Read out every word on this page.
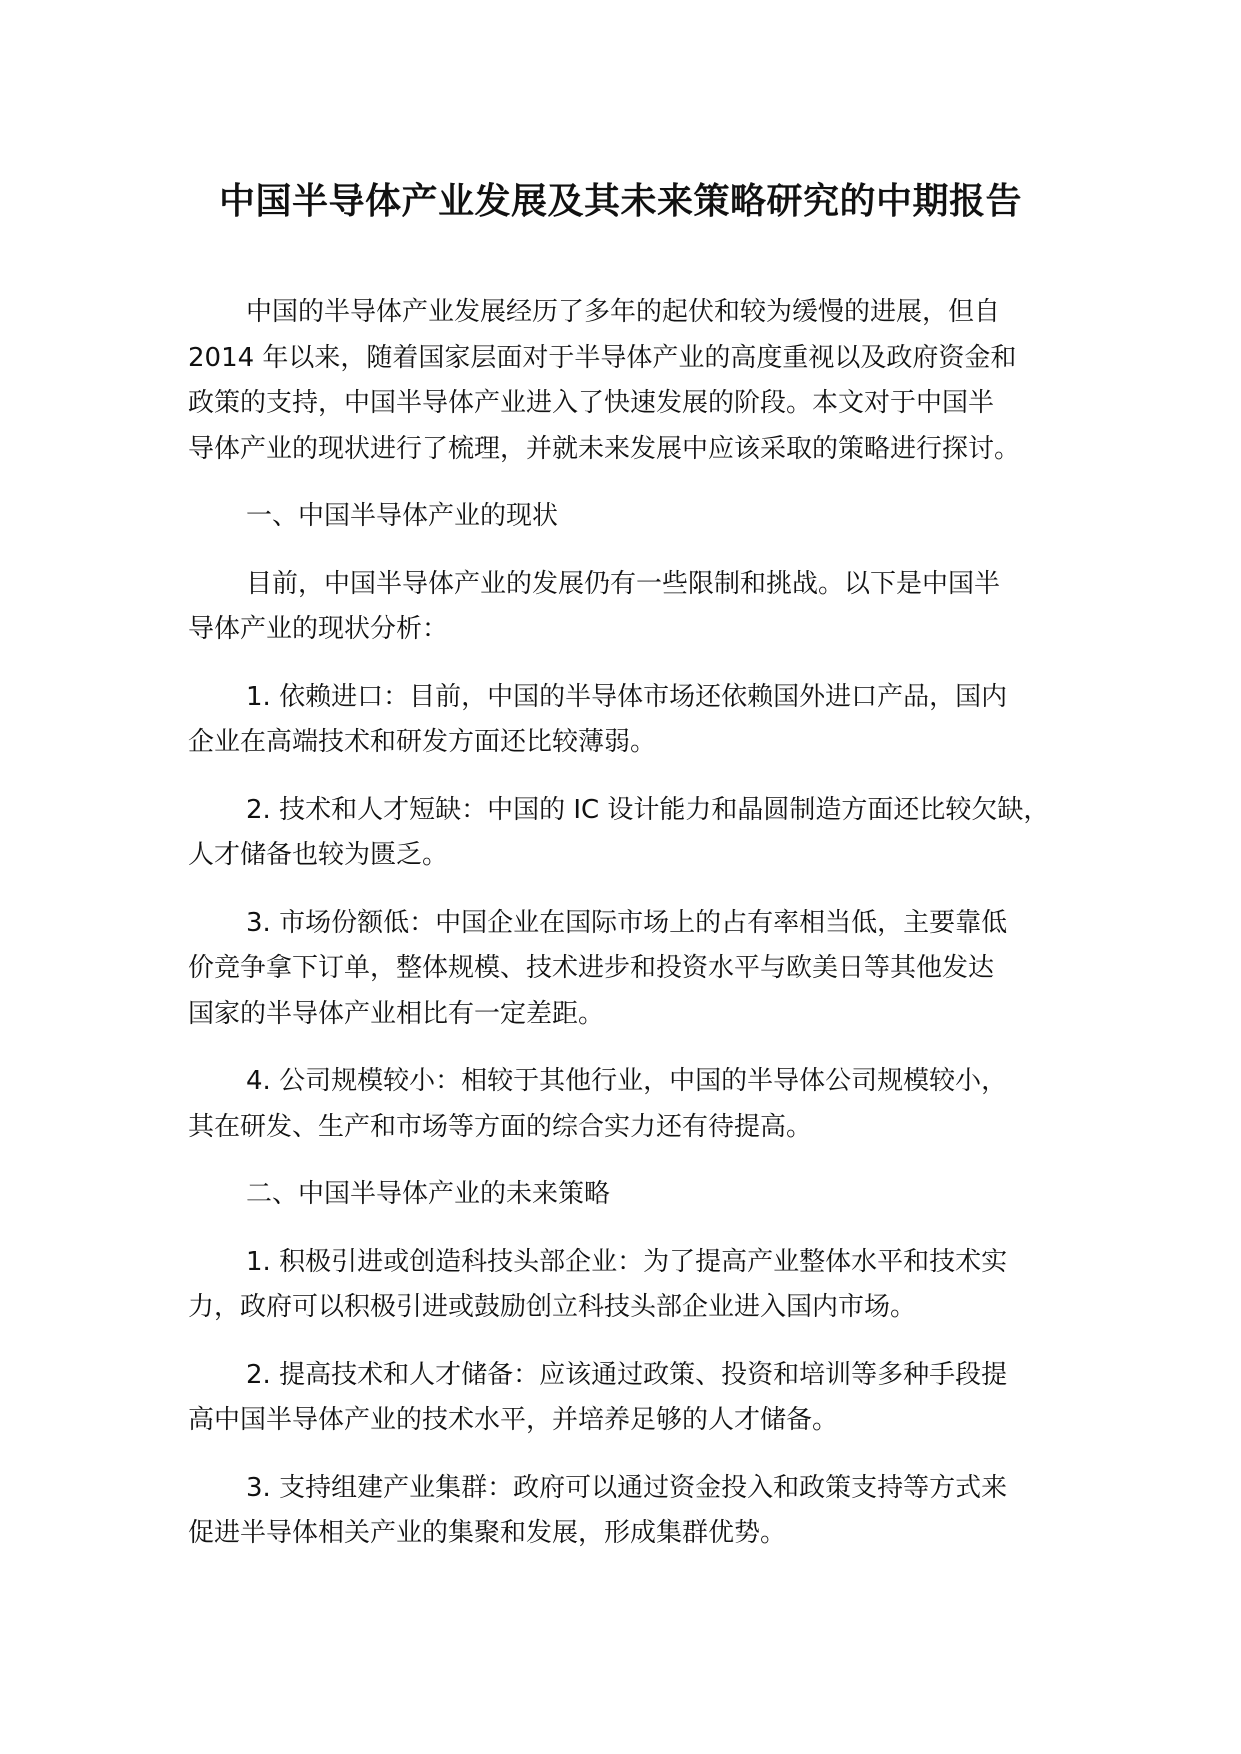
中国半导体产业发展及其未来策略研究的中期报告

中国的半导体产业发展经历了多年的起伏和较为缓慢的进展，但自
2014 年以来，随着国家层面对于半导体产业的高度重视以及政府资金和
政策的支持，中国半导体产业进入了快速发展的阶段。本文对于中国半
导体产业的现状进行了梳理，并就未来发展中应该采取的策略进行探讨。

一、中国半导体产业的现状

目前，中国半导体产业的发展仍有一些限制和挑战。以下是中国半
导体产业的现状分析：

1. 依赖进口：目前，中国的半导体市场还依赖国外进口产品，国内
企业在高端技术和研发方面还比较薄弱。

2. 技术和人才短缺：中国的 IC 设计能力和晶圆制造方面还比较欠缺，
人才储备也较为匮乏。

3. 市场份额低：中国企业在国际市场上的占有率相当低，主要靠低
价竞争拿下订单，整体规模、技术进步和投资水平与欧美日等其他发达
国家的半导体产业相比有一定差距。

4. 公司规模较小：相较于其他行业，中国的半导体公司规模较小，
其在研发、生产和市场等方面的综合实力还有待提高。

二、中国半导体产业的未来策略

1. 积极引进或创造科技头部企业：为了提高产业整体水平和技术实
力，政府可以积极引进或鼓励创立科技头部企业进入国内市场。

2. 提高技术和人才储备：应该通过政策、投资和培训等多种手段提
高中国半导体产业的技术水平，并培养足够的人才储备。

3. 支持组建产业集群：政府可以通过资金投入和政策支持等方式来
促进半导体相关产业的集聚和发展，形成集群优势。
